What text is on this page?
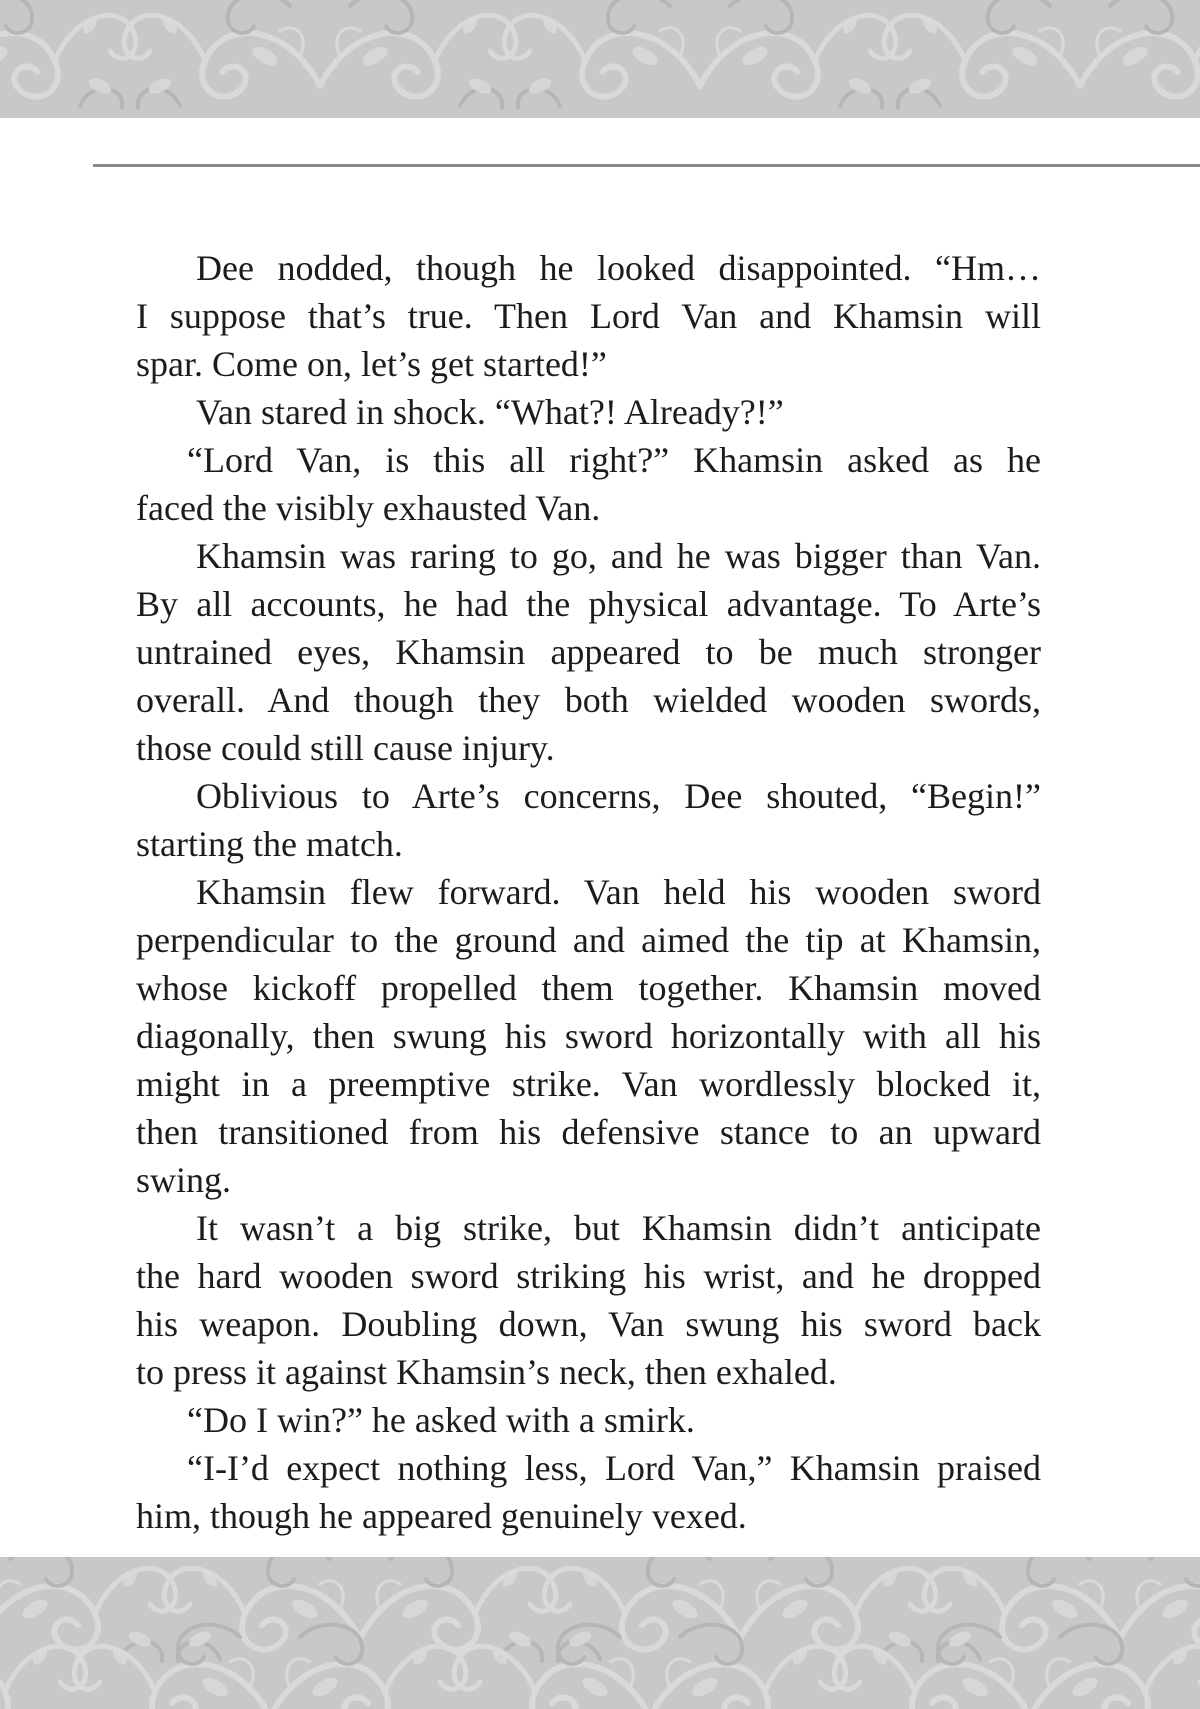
Dee nodded, though he looked disappointed. “Hm…
I suppose that’s true. Then Lord Van and Khamsin will
spar. Come on, let’s get started!”
Van stared in shock. “What?! Already?!”
“Lord Van, is this all right?” Khamsin asked as he
faced the visibly exhausted Van.
Khamsin was raring to go, and he was bigger than Van.
By all accounts, he had the physical advantage. To Arte’s
untrained eyes, Khamsin appeared to be much stronger
overall. And though they both wielded wooden swords,
those could still cause injury.
Oblivious to Arte’s concerns, Dee shouted, “Begin!”
starting the match.
Khamsin flew forward. Van held his wooden sword
perpendicular to the ground and aimed the tip at Khamsin,
whose kickoff propelled them together. Khamsin moved
diagonally, then swung his sword horizontally with all his
might in a preemptive strike. Van wordlessly blocked it,
then transitioned from his defensive stance to an upward
swing.
It wasn’t a big strike, but Khamsin didn’t anticipate
the hard wooden sword striking his wrist, and he dropped
his weapon. Doubling down, Van swung his sword back
to press it against Khamsin’s neck, then exhaled.
“Do I win?” he asked with a smirk.
“I-I’d expect nothing less, Lord Van,” Khamsin praised
him, though he appeared genuinely vexed.
